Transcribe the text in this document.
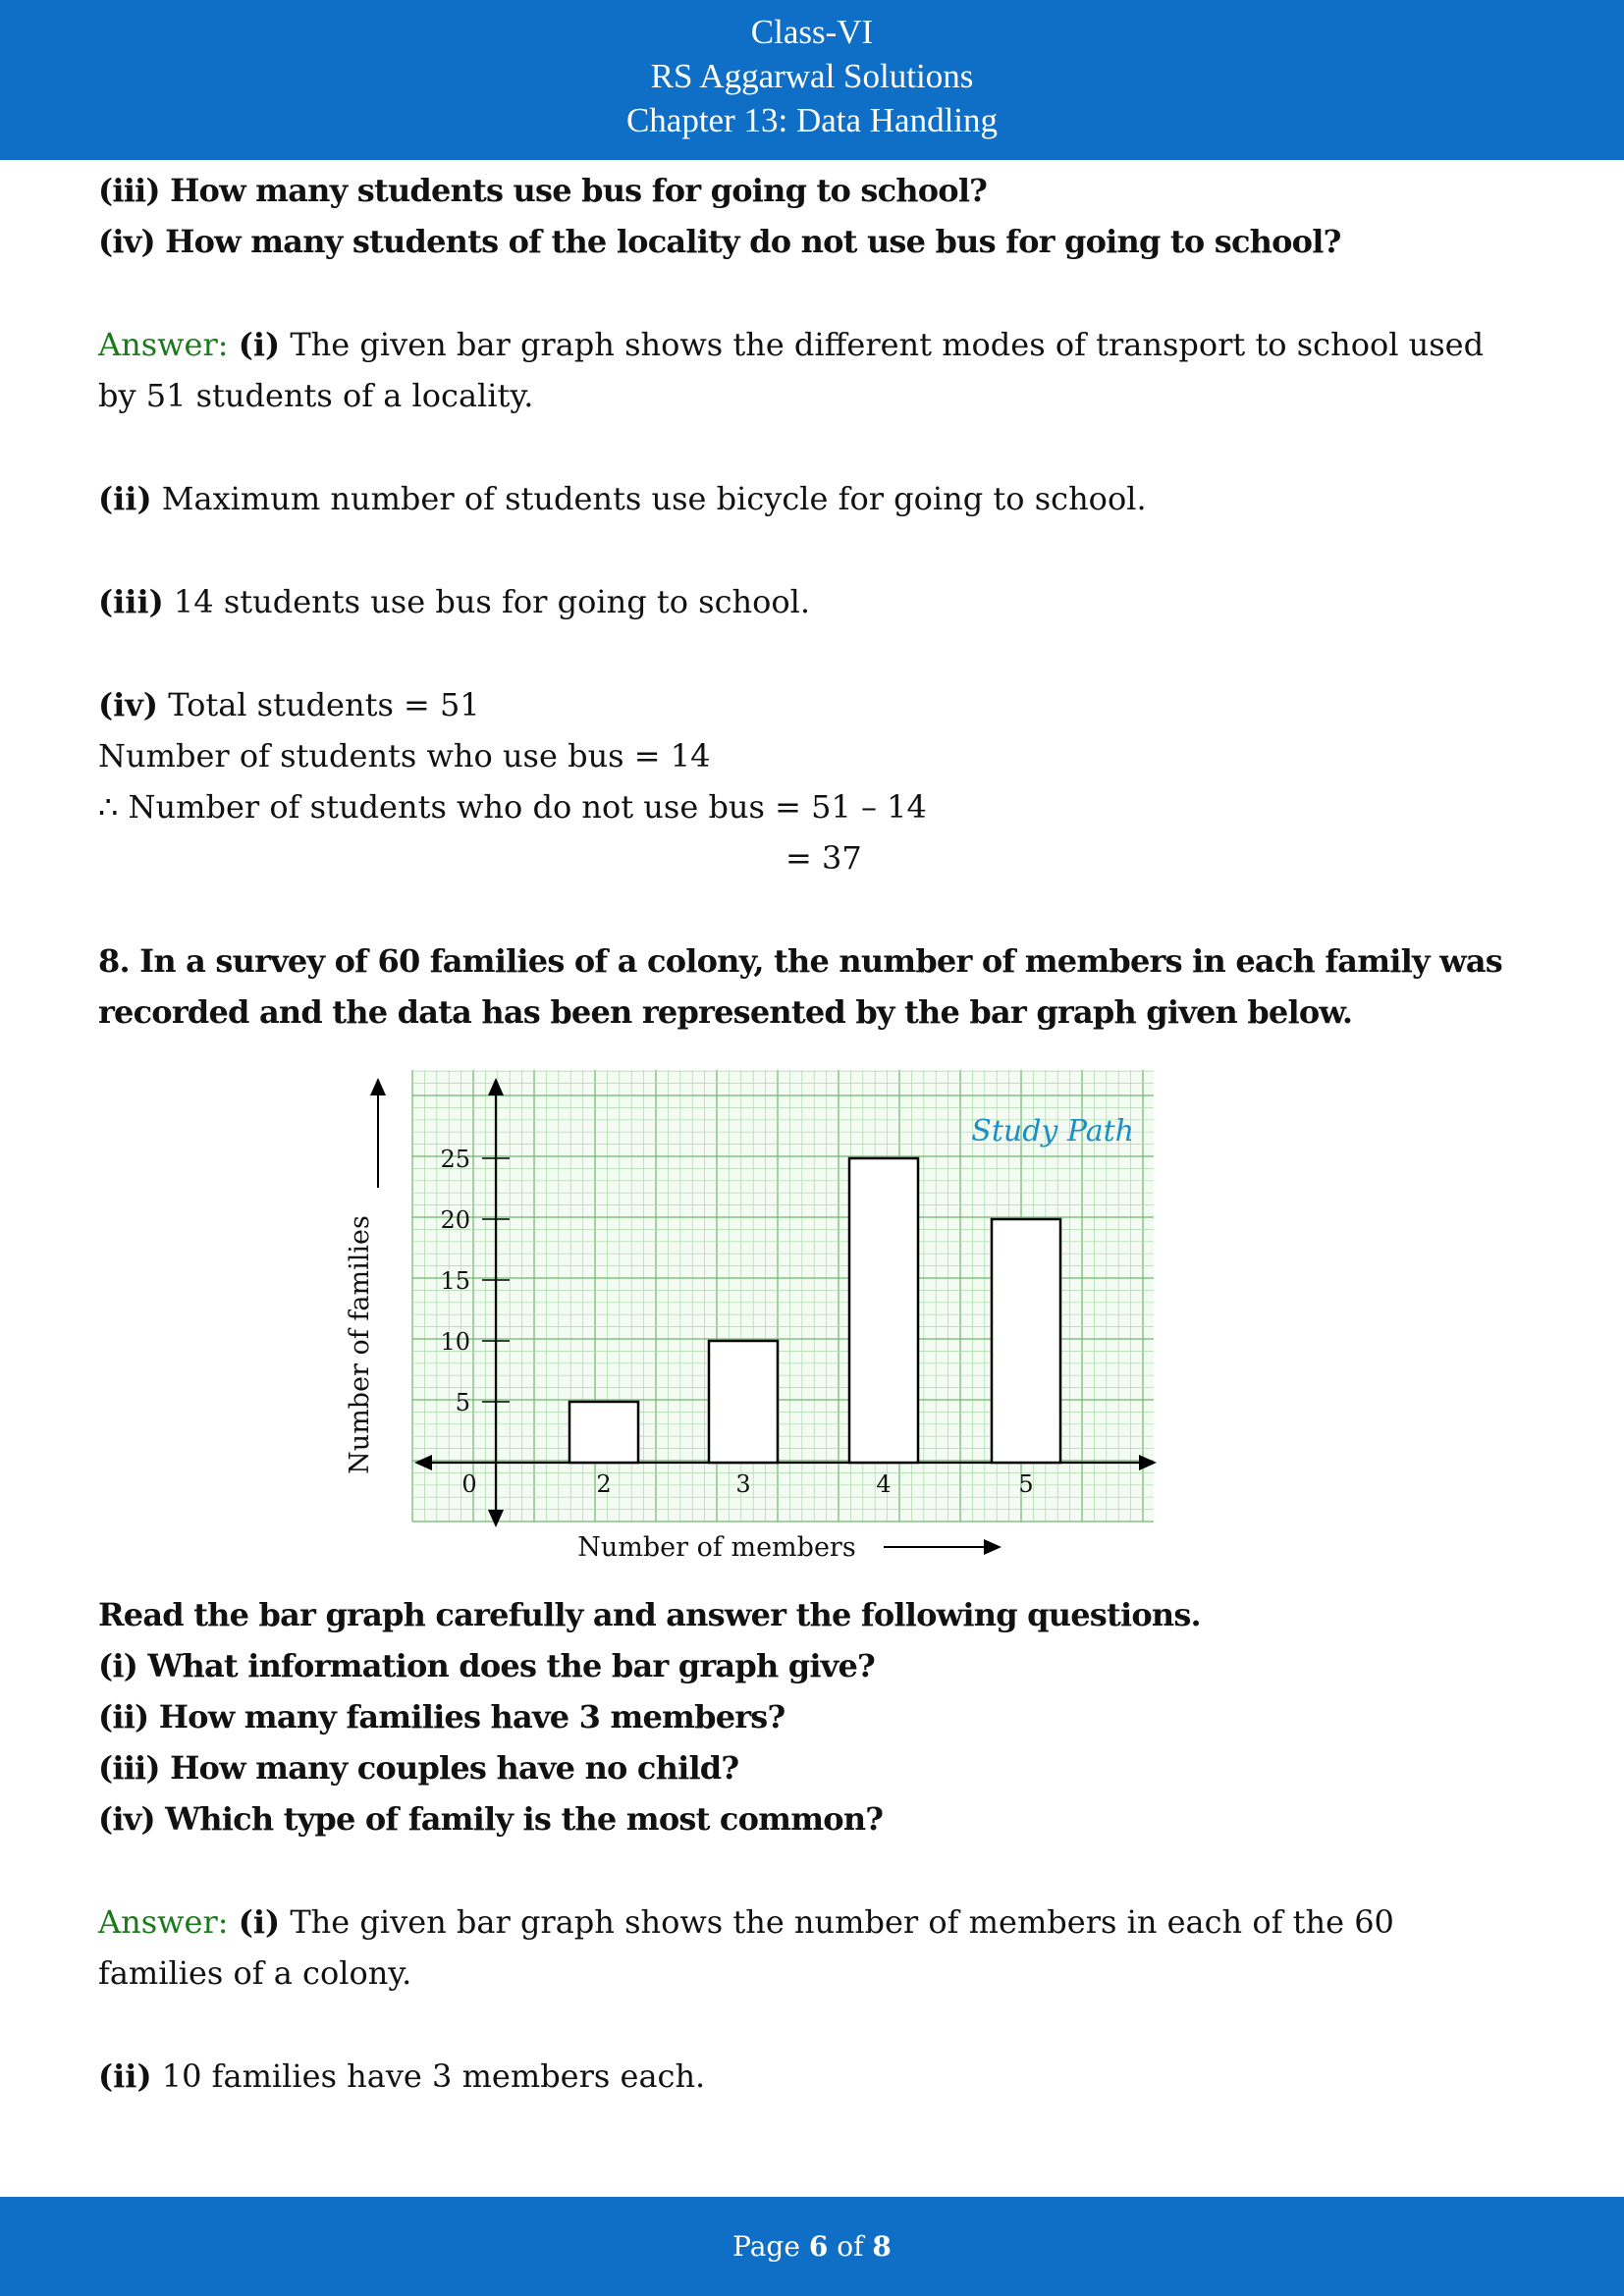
Class-VI
RS Aggarwal Solutions
Chapter 13: Data Handling

(iii) How many students use bus for going to school?

(iv) How many students of the locality do not use bus for going to school?

Answer: (i) The given bar graph shows the different modes of transport to school used

by 51 students of a locality.

(ii) Maximum number of students use bicycle for going to school.

(iii) 14 students use bus for going to school.

(iv) Total students = 51

Number of students who use bus = 14

∴ Number of students who do not use bus = 51 – 14

= 37

8. In a survey of 60 families of a colony, the number of members in each family was

recorded and the data has been represented by the bar graph given below.

Read the bar graph carefully and answer the following questions.

(i) What information does the bar graph give?

(ii) How many families have 3 members?

(iii) How many couples have no child?

(iv) Which type of family is the most common?

Answer: (i) The given bar graph shows the number of members in each of the 60

families of a colony.

(ii) 10 families have 3 members each.

5
10
15
20
25
0	2	3	4	5
Number of families
Number of members
Study Path
Page 6 of 8
